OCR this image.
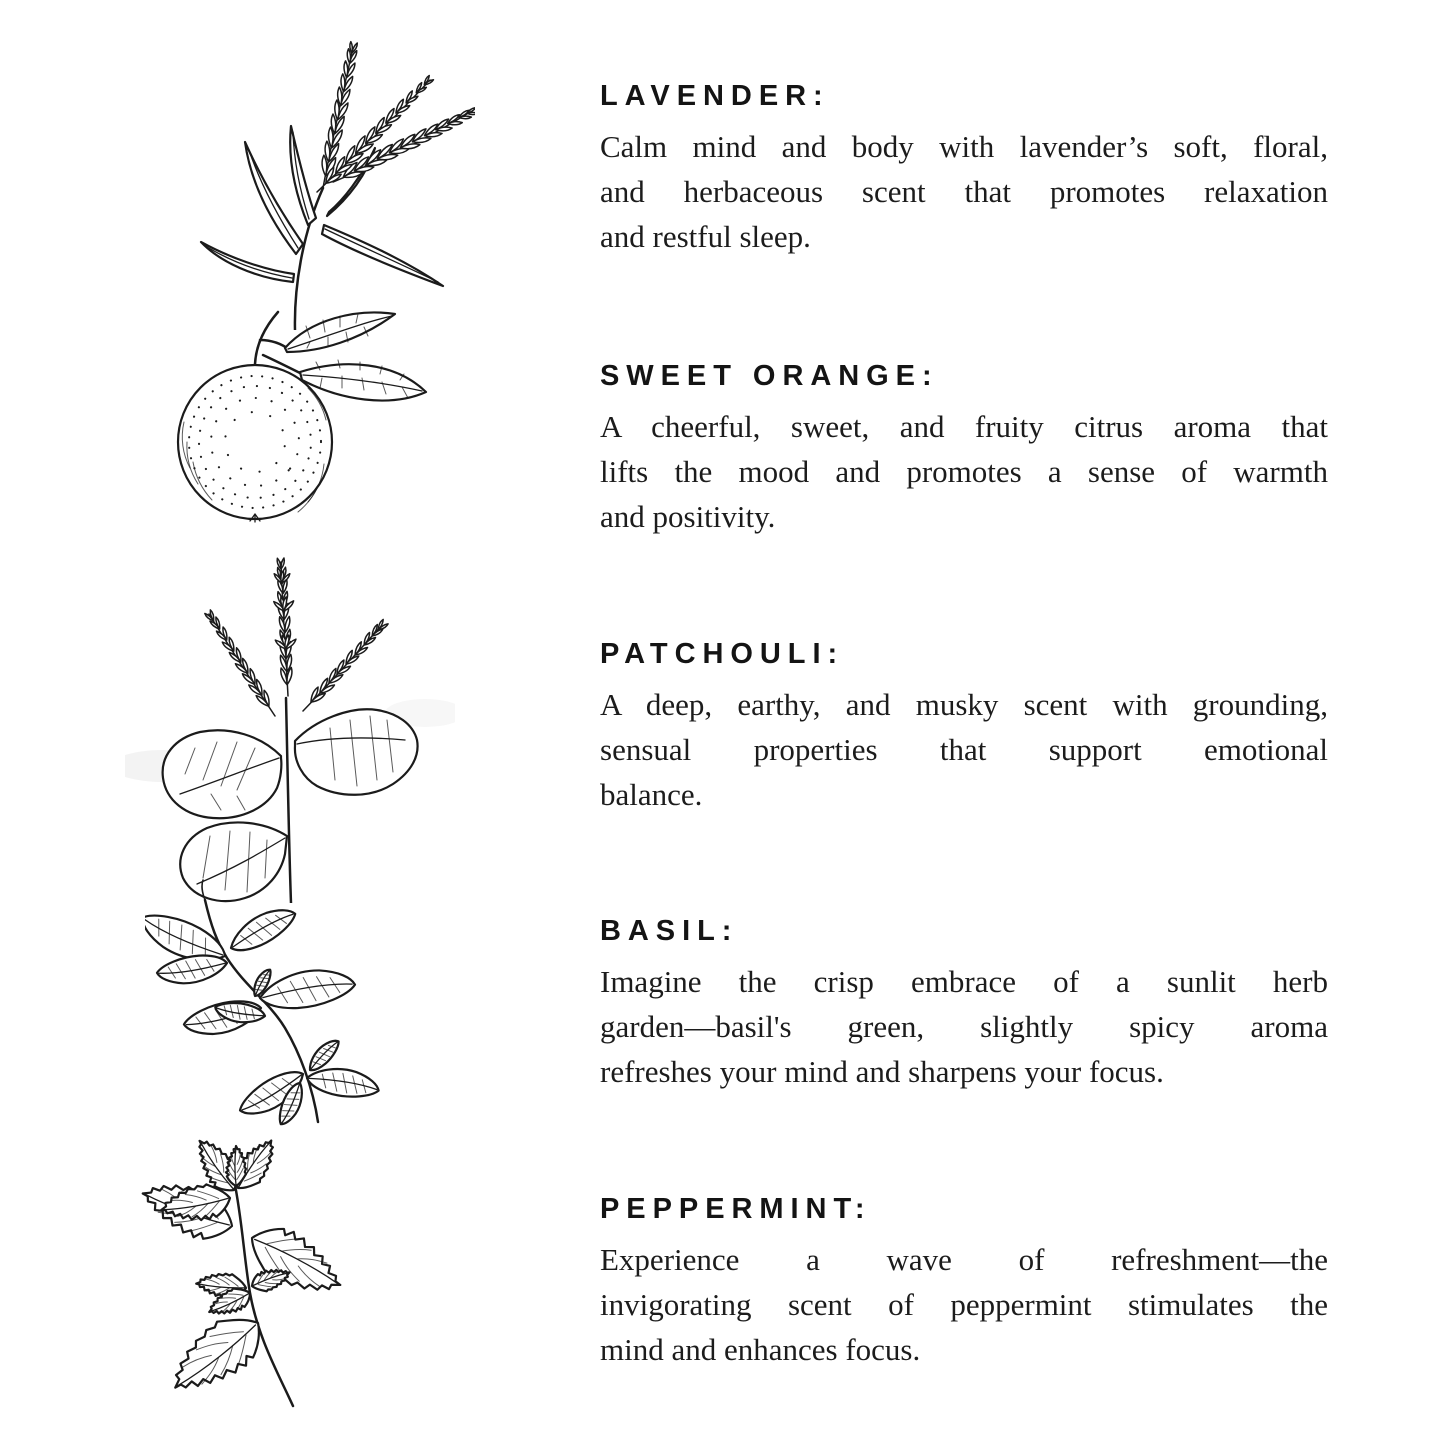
LAVENDER:

Calm mind and body with lavender’s soft, floral,

and herbaceous scent that promotes relaxation

and restful sleep.

SWEET ORANGE:

A cheerful, sweet, and fruity citrus aroma that

lifts the mood and promotes a sense of warmth

and positivity.

PATCHOULI:

A deep, earthy, and musky scent with grounding,

sensual properties that support emotional

balance.

BASIL:

Imagine the crisp embrace of a sunlit herb

garden—basil's green, slightly spicy aroma

refreshes your mind and sharpens your focus.

PEPPERMINT:

Experience a wave of refreshment—the

invigorating scent of peppermint stimulates the

mind and enhances focus.
